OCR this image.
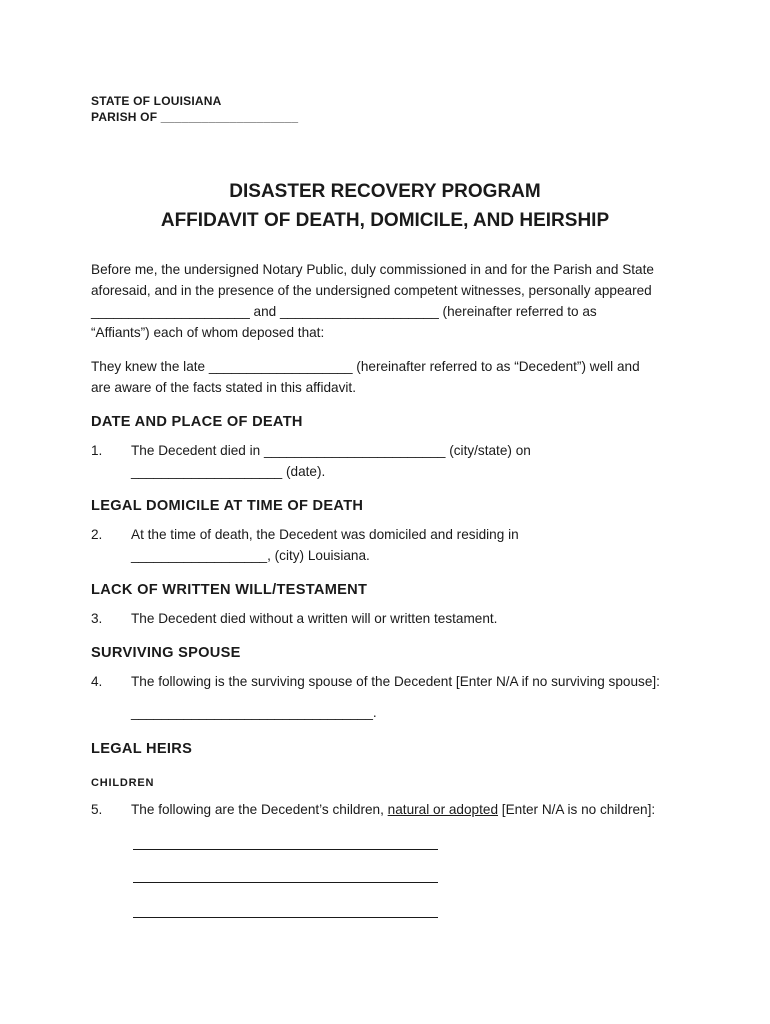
STATE OF LOUISIANA
PARISH OF ____________________
DISASTER RECOVERY PROGRAM
AFFIDAVIT OF DEATH, DOMICILE, AND HEIRSHIP
Before me, the undersigned Notary Public, duly commissioned in and for the Parish and State
aforesaid, and in the presence of the undersigned competent witnesses, personally appeared
_____________________ and _____________________ (hereinafter referred to as
“Affiants”) each of whom deposed that:
They knew the late ___________________ (hereinafter referred to as “Decedent”) well and
are aware of the facts stated in this affidavit.
DATE AND PLACE OF DEATH
1. The Decedent died in ________________________ (city/state) on
____________________ (date).
LEGAL DOMICILE AT TIME OF DEATH
2. At the time of death, the Decedent was domiciled and residing in
__________________, (city) Louisiana.
LACK OF WRITTEN WILL/TESTAMENT
3. The Decedent died without a written will or written testament.
SURVIVING SPOUSE
4. The following is the surviving spouse of the Decedent [Enter N/A if no surviving spouse]:
________________________________.
LEGAL HEIRS
CHILDREN
5. The following are the Decedent’s children, natural or adopted [Enter N/A is no children]:
